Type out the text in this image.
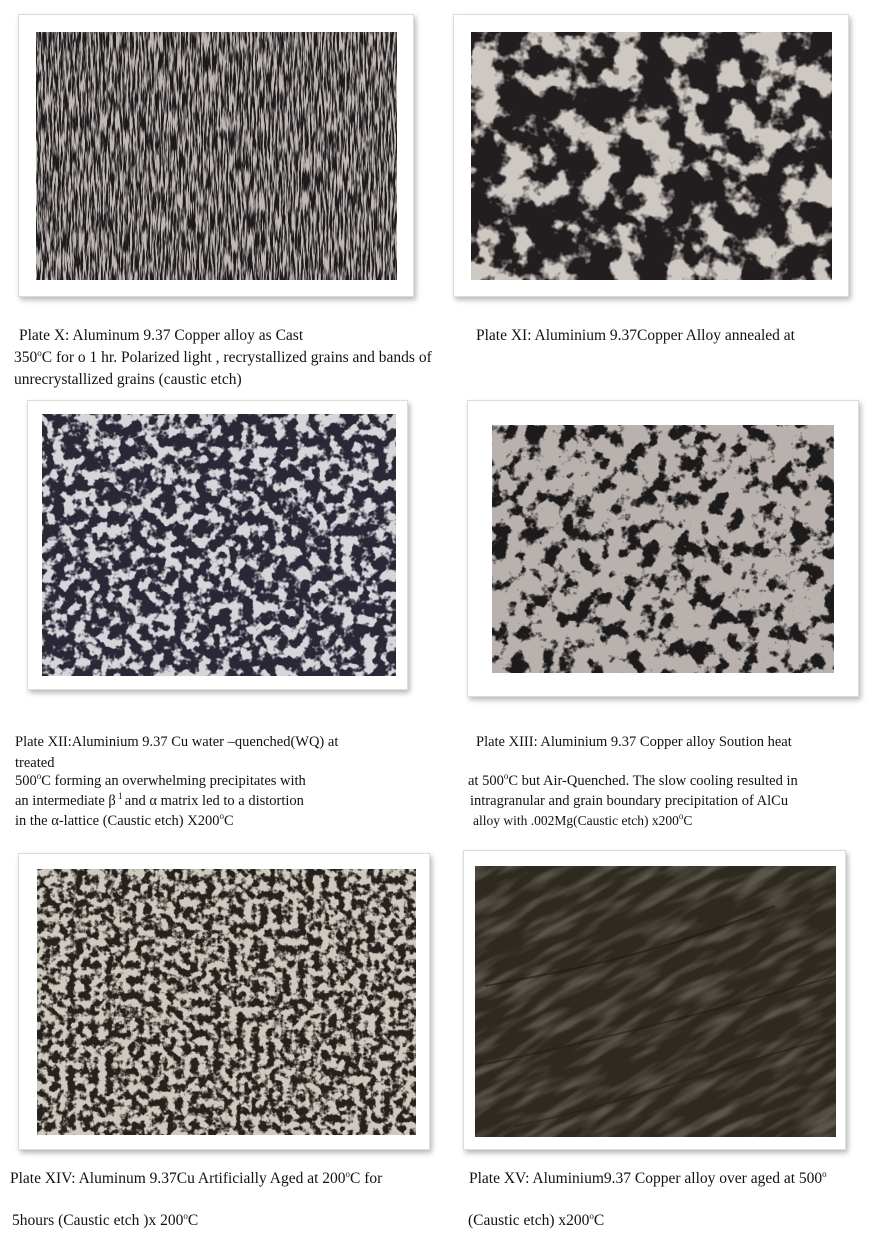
Plate X: Aluminum 9.37 Copper alloy as Cast	Plate XI: Aluminium 9.37Copper Alloy annealed at
350$^o$C for o 1 hr. Polarized light , recrystallized grains and bands of
unrecrystallized grains (caustic etch)
Plate XII:Aluminium 9.37 Cu water –quenched(WQ) at	Plate XIII: Aluminium 9.37 Copper alloy Soution heat
treated
500$^o$C forming an overwhelming precipitates with	at 500$^o$C but Air-Quenched. The slow cooling resulted in
an intermediate β $^1$ and α matrix led to a distortion	intragranular and grain boundary precipitation of AlCu
in the α-lattice (Caustic etch) X200$^o$C	alloy with .002Mg(Caustic etch) x200$^o$C
Plate XIV: Aluminum 9.37Cu Artificially Aged at 200$^o$C for	Plate XV: Aluminium9.37 Copper alloy over aged at 500$^o$
5hours (Caustic etch )x 200$^o$C	(Caustic etch) x200$^o$C
